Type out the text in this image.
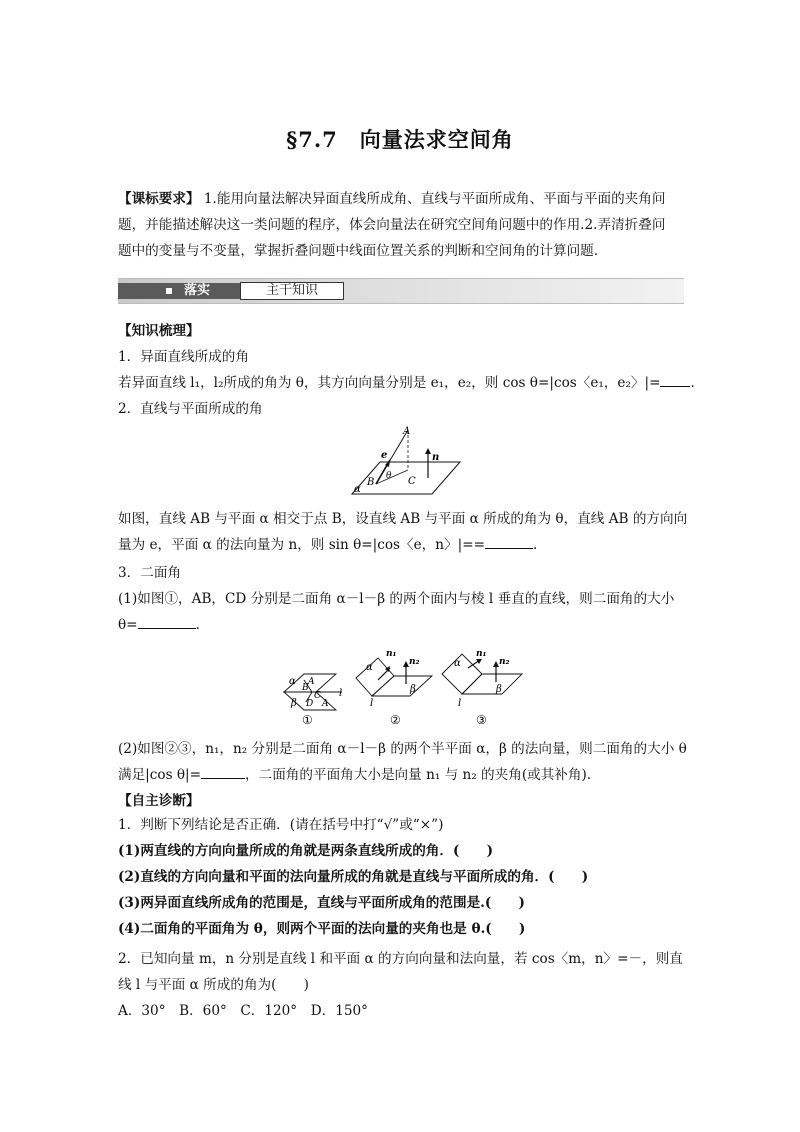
§7.7　向量法求空间角
【课标要求】 1.能用向量法解决异面直线所成角、直线与平面所成角、平面与平面的夹角问
题，并能描述解决这一类问题的程序，体会向量法在研究空间角问题中的作用.2.弄清折叠问
题中的变量与不变量，掌握折叠问题中线面位置关系的判断和空间角的计算问题.
落实	主干知识
【知识梳理】
1．异面直线所成的角
若异面直线 l₁，l₂所成的角为 θ，其方向向量分别是 e₁，e₂，则 cos θ=|cos〈e₁，e₂〉|= .
2．直线与平面所成的角
A
e	n
θ
B	C
α
如图，直线 AB 与平面 α 相交于点 B，设直线 AB 与平面 α 所成的角为 θ，直线 AB 的方向向
量为 e，平面 α 的法向量为 n，则 sin θ=|cos〈e，n〉|==	.
3．二面角
(1)如图①，AB，CD 分别是二面角 α－l－β 的两个面内与棱 l 垂直的直线，则二面角的大小
θ=	.
α
B
A
C
β D A
l
①
α
n₁
n₂
β
l
②
α
n₁
n₂
β
l
③
(2)如图②③，n₁，n₂ 分别是二面角 α－l－β 的两个半平面 α，β 的法向量，则二面角的大小 θ
满足|cos θ|=	，二面角的平面角大小是向量 n₁ 与 n₂ 的夹角(或其补角).
【自主诊断】
1．判断下列结论是否正确．(请在括号中打“√”或“×”)
(1)两直线的方向向量所成的角就是两条直线所成的角．(　　)
(2)直线的方向向量和平面的法向量所成的角就是直线与平面所成的角．(　　)
(3)两异面直线所成角的范围是，直线与平面所成角的范围是.(　　)
(4)二面角的平面角为 θ，则两个平面的法向量的夹角也是 θ.(　　)
2．已知向量 m，n 分别是直线 l 和平面 α 的方向向量和法向量，若 cos〈m，n〉=－，则直
线 l 与平面 α 所成的角为(　　)
A．30°　B．60°　C．120°　D．150°
